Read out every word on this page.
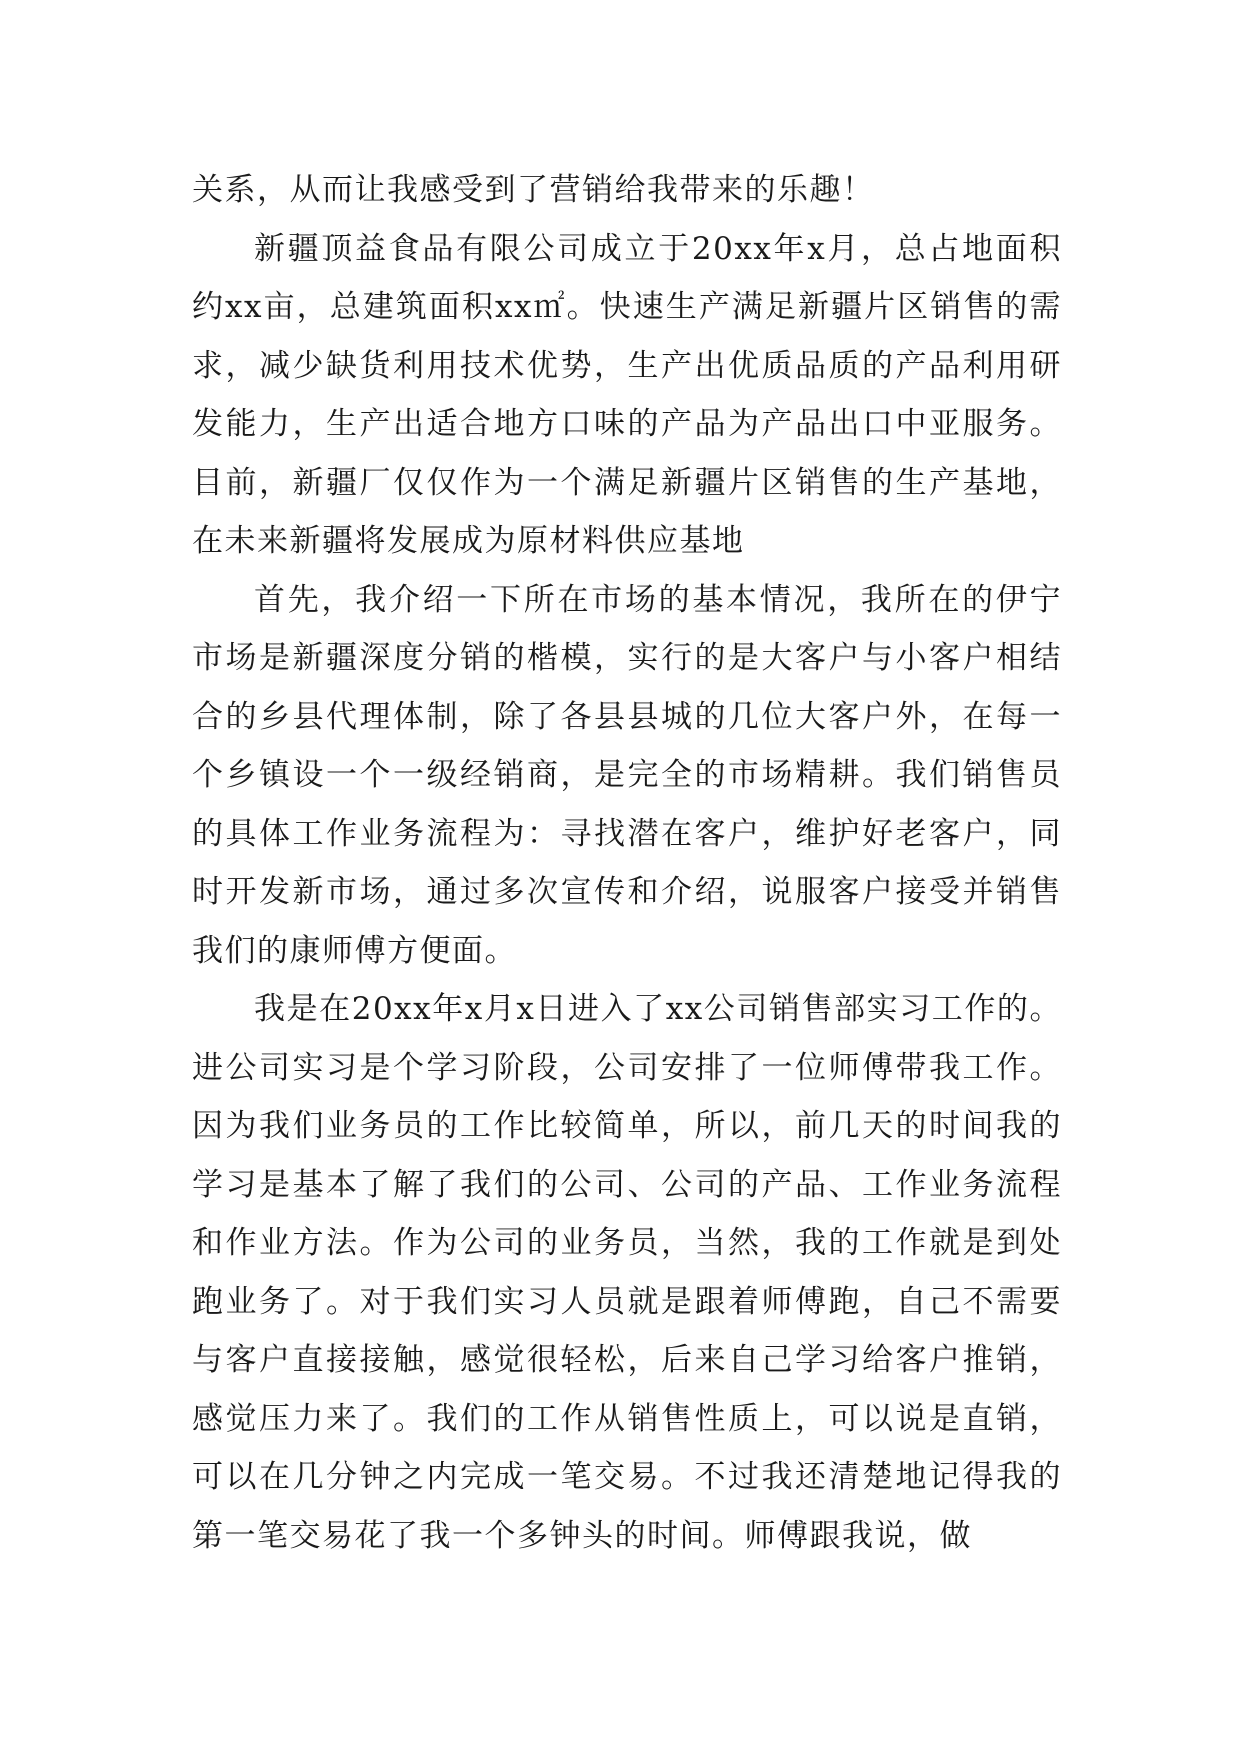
关系，从而让我感受到了营销给我带来的乐趣！

新疆顶益食品有限公司成立于20xx年x月，总占地面积约xx亩，总建筑面积xx㎡。快速生产满足新疆片区销售的需求，减少缺货利用技术优势，生产出优质品质的产品利用研发能力，生产出适合地方口味的产品为产品出口中亚服务。目前，新疆厂仅仅作为一个满足新疆片区销售的生产基地，在未来新疆将发展成为原材料供应基地

首先，我介绍一下所在市场的基本情况，我所在的伊宁市场是新疆深度分销的楷模，实行的是大客户与小客户相结合的乡县代理体制，除了各县县城的几位大客户外，在每一个乡镇设一个一级经销商，是完全的市场精耕。我们销售员的具体工作业务流程为：寻找潜在客户，维护好老客户，同时开发新市场，通过多次宣传和介绍，说服客户接受并销售我们的康师傅方便面。

我是在20xx年x月x日进入了xx公司销售部实习工作的。进公司实习是个学习阶段，公司安排了一位师傅带我工作。因为我们业务员的工作比较简单，所以，前几天的时间我的学习是基本了解了我们的公司、公司的产品、工作业务流程和作业方法。作为公司的业务员，当然，我的工作就是到处跑业务了。对于我们实习人员就是跟着师傅跑，自己不需要与客户直接接触，感觉很轻松，后来自己学习给客户推销，感觉压力来了。我们的工作从销售性质上，可以说是直销，可以在几分钟之内完成一笔交易。不过我还清楚地记得我的第一笔交易花了我一个多钟头的时间。师傅跟我说，做
